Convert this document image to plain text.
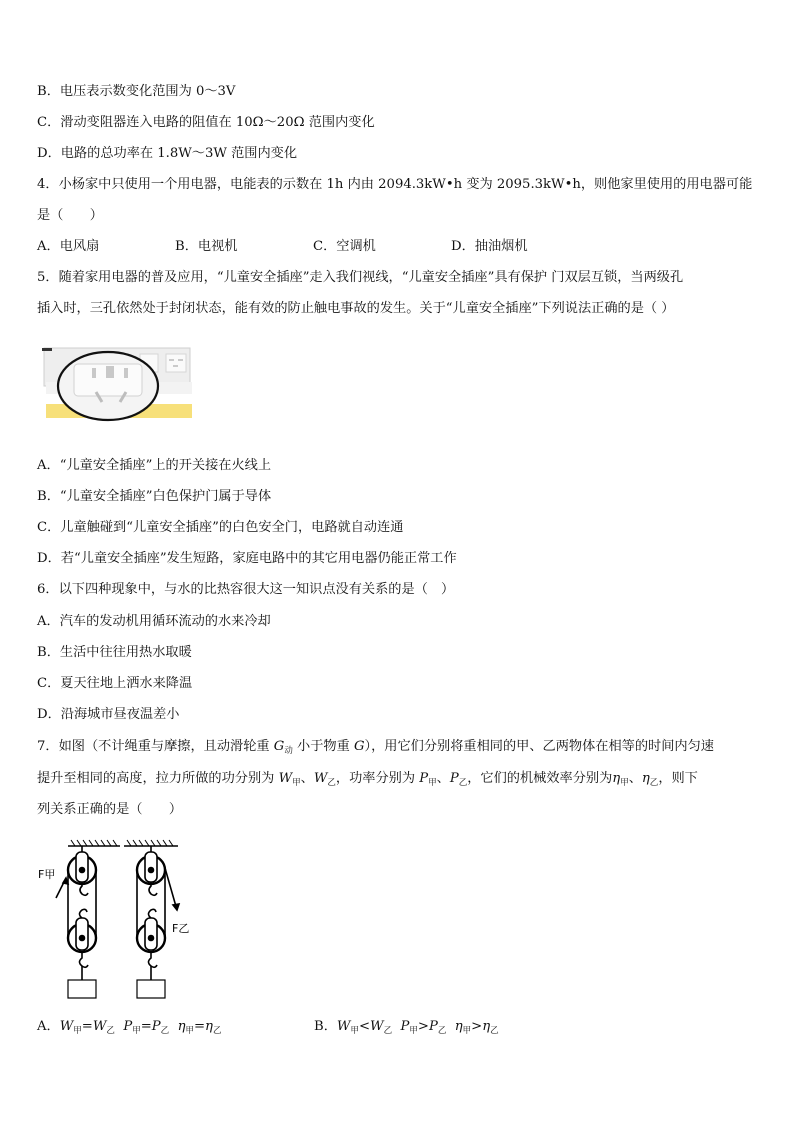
B．电压表示数变化范围为 0～3V
C．滑动变阻器连入电路的阻值在 10Ω～20Ω 范围内变化
D．电路的总功率在 1.8W～3W 范围内变化
4．小杨家中只使用一个用电器，电能表的示数在 1h 内由 2094.3kW•h 变为 2095.3kW•h，则他家里使用的用电器可能
是（　　）
A．电风扇	B．电视机	C．空调机	D．抽油烟机
5．随着家用电器的普及应用，“儿童安全插座”走入我们视线，“儿童安全插座”具有保护 门双层互锁，当两级孔
插入时，三孔依然处于封闭状态，能有效的防止触电事故的发生。关于“儿童安全插座”下列说法正确的是（ ）
A．“儿童安全插座”上的开关接在火线上
B．“儿童安全插座”白色保护门属于导体
C．儿童触碰到“儿童安全插座”的白色安全门，电路就自动连通
D．若“儿童安全插座”发生短路，家庭电路中的其它用电器仍能正常工作
6．以下四种现象中，与水的比热容很大这一知识点没有关系的是（　）
A．汽车的发动机用循环流动的水来冷却
B．生活中往往用热水取暖
C．夏天往地上洒水来降温
D．沿海城市昼夜温差小
7．如图（不计绳重与摩擦，且动滑轮重 $G_动$ 小于物重 G），用它们分别将重相同的甲、乙两物体在相等的时间内匀速
提升至相同的高度，拉力所做的功分别为 $W_甲$、$W_乙$，功率分别为 $P_甲$、$P_乙$，它们的机械效率分别为$\eta_甲$、$\eta_乙$，则下
列关系正确的是（　　）
F甲
F乙
A．$W_甲=W_乙$ $P_甲=P_乙$ $\eta_甲=\eta_乙$	B．$W_甲<W_乙$ $P_甲>P_乙$ $\eta_甲>\eta_乙$
